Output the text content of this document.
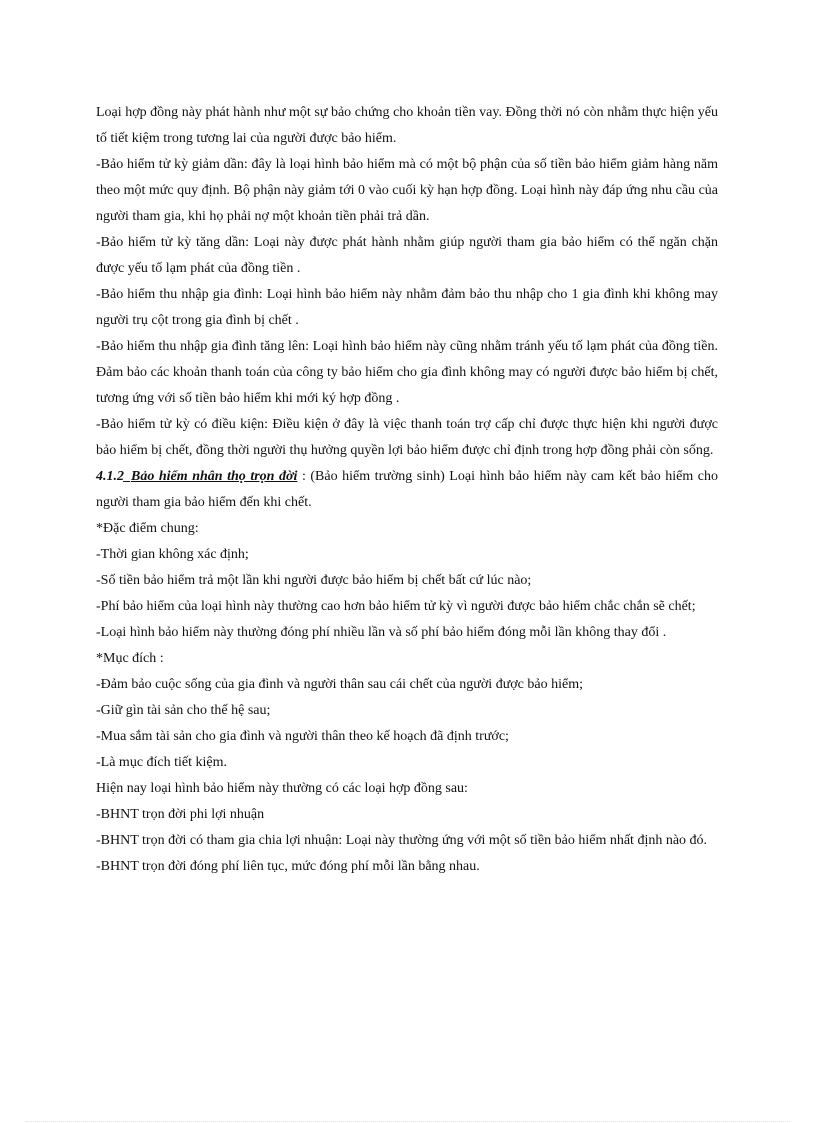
Loại hợp đồng này phát hành như một sự bảo chứng cho khoản tiền vay. Đồng thời nó còn nhằm thực hiện yếu tố tiết kiệm trong tương lai của người được bảo hiểm.

-Bảo hiểm tử kỳ giảm dần: đây là loại hình bảo hiểm mà có một bộ phận của số tiền bảo hiểm giảm hàng năm theo một mức quy định. Bộ phận này giảm tới 0 vào cuối kỳ hạn hợp đồng. Loại hình này đáp ứng nhu cầu của người tham gia, khi họ phải nợ một khoản tiền phải trả dần.

-Bảo hiểm tử kỳ tăng dần: Loại này được phát hành nhằm giúp người tham gia bảo hiểm có thể ngăn chặn được yếu tố lạm phát của đồng tiền .

-Bảo hiểm thu nhập gia đình: Loại hình bảo hiểm này nhằm đảm bảo thu nhập cho 1 gia đình khi không may người trụ cột trong gia đình bị chết .

-Bảo hiểm thu nhập gia đình tăng lên: Loại hình bảo hiểm này cũng nhằm tránh yếu tố lạm phát của đồng tiền. Đảm bảo các khoản thanh toán của công ty bảo hiểm cho gia đình không may có người được bảo hiểm bị chết, tương ứng với số tiền bảo hiểm khi mới ký hợp đồng .

-Bảo hiểm tử kỳ có điều kiện: Điều kiện ở đây là việc thanh toán trợ cấp chỉ được thực hiện khi người được bảo hiểm bị chết, đồng thời người thụ hưởng quyền lợi bảo hiểm được chỉ định trong hợp đồng phải còn sống.

4.1.2_Bảo hiểm nhân thọ trọn đời : (Bảo hiểm trường sinh) Loại hình bảo hiểm này cam kết bảo hiểm cho người tham gia bảo hiểm đến khi chết.

*Đặc điểm chung:

-Thời gian không xác định;

-Số tiền bảo hiểm trả một lần khi người được bảo hiểm bị chết bất cứ lúc nào;

-Phí bảo hiểm của loại hình này thường cao hơn bảo hiểm tử kỳ vì người được bảo hiểm chắc chắn sẽ chết;

-Loại hình bảo hiểm này thường đóng phí nhiều lần và số phí bảo hiểm đóng mỗi lần không thay đổi .

*Mục đích :

-Đảm bảo cuộc sống của gia đình và người thân sau cái chết của người được bảo hiểm;

-Giữ gìn tài sản cho thế hệ sau;

-Mua sắm tài sản cho gia đình và người thân theo kế hoạch đã định trước;

-Là mục đích tiết kiệm.

Hiện nay loại hình bảo hiểm này thường có các loại hợp đồng sau:

-BHNT trọn đời phi lợi nhuận

-BHNT trọn đời có tham gia chia lợi nhuận: Loại này thường ứng với một số tiền bảo hiểm nhất định nào đó.

-BHNT trọn đời đóng phí liên tục, mức đóng phí mỗi lần bằng nhau.
